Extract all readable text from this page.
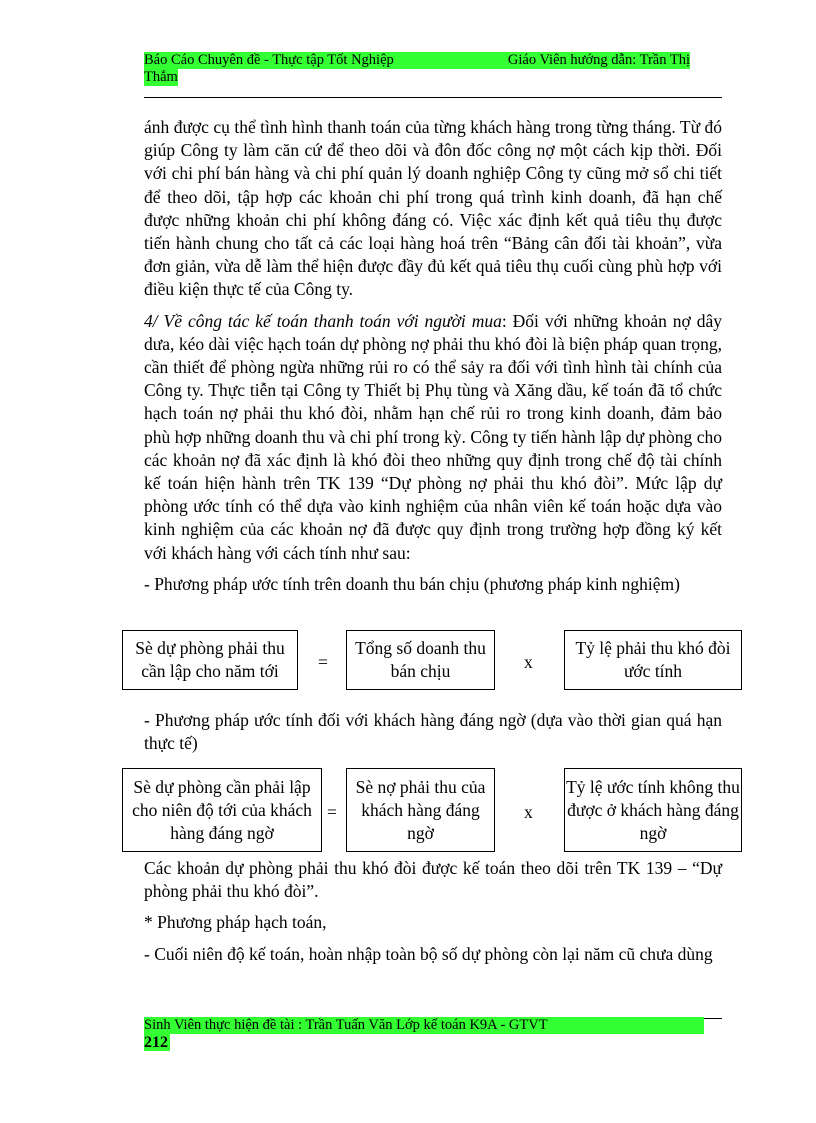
Báo Cáo Chuyên đề - Thực tập Tốt Nghiệp	Giáo Viên hướng dẫn: Trần Thị
Thắm

ánh được cụ thể tình hình thanh toán của từng khách hàng trong từng tháng. Từ đó giúp Công ty làm căn cứ để theo dõi và đôn đốc công nợ một cách kịp thời. Đối với chi phí bán hàng và chi phí quản lý doanh nghiệp Công ty cũng mở sổ chi tiết để theo dõi, tập hợp các khoản chi phí trong quá trình kinh doanh, đã hạn chế được những khoản chi phí không đáng có. Việc xác định kết quả tiêu thụ được tiến hành chung cho tất cả các loại hàng hoá trên “Bảng cân đối tài khoản”, vừa đơn giản, vừa dễ làm thể hiện được đầy đủ kết quả tiêu thụ cuối cùng phù hợp với điều kiện thực tế của Công ty.

4/ Về công tác kế toán thanh toán với người mua: Đối với những khoản nợ dây dưa, kéo dài việc hạch toán dự phòng nợ phải thu khó đòi là biện pháp quan trọng, cần thiết để phòng ngừa những rủi ro có thể sảy ra đối với tình hình tài chính của Công ty. Thực tiễn tại Công ty Thiết bị Phụ tùng và Xăng dầu, kế toán đã tổ chức hạch toán nợ phải thu khó đòi, nhằm hạn chế rủi ro trong kinh doanh, đảm bảo phù hợp những doanh thu và chi phí trong kỳ. Công ty tiến hành lập dự phòng cho các khoản nợ đã xác định là khó đòi theo những quy định trong chế độ tài chính kế toán hiện hành trên TK 139 “Dự phòng nợ phải thu khó đòi”. Mức lập dự phòng ước tính có thể dựa vào kinh nghiệm của nhân viên kế toán hoặc dựa vào kinh nghiệm của các khoản nợ đã được quy định trong trường hợp đồng ký kết với khách hàng với cách tính như sau:

- Phương pháp ước tính trên doanh thu bán chịu (phương pháp kinh nghiệm)

Sè dự phòng phải thu cần lập cho năm tới	=
Tổng số doanh thu bán chịu	x
Tỷ lệ phải thu khó đòi ước tính

- Phương pháp ước tính đối với khách hàng đáng ngờ (dựa vào thời gian quá hạn thực tế)

Sè dự phòng cần phải lập cho niên độ tới của khách hàng đáng ngờ
=
Sè nợ phải thu của khách hàng đáng ngờ
x
Tỷ lệ ước tính không thu được ở khách hàng đáng ngờ

Các khoản dự phòng phải thu khó đòi được kế toán theo dõi trên TK 139 – “Dự phòng phải thu khó đòi”.

* Phương pháp hạch toán,

- Cuối niên độ kế toán, hoàn nhập toàn bộ số dự phòng còn lại năm cũ chưa dùng

Sinh Viên thực hiện đề tài : Trần Tuấn Văn Lớp kế toán K9A - GTVT
212
